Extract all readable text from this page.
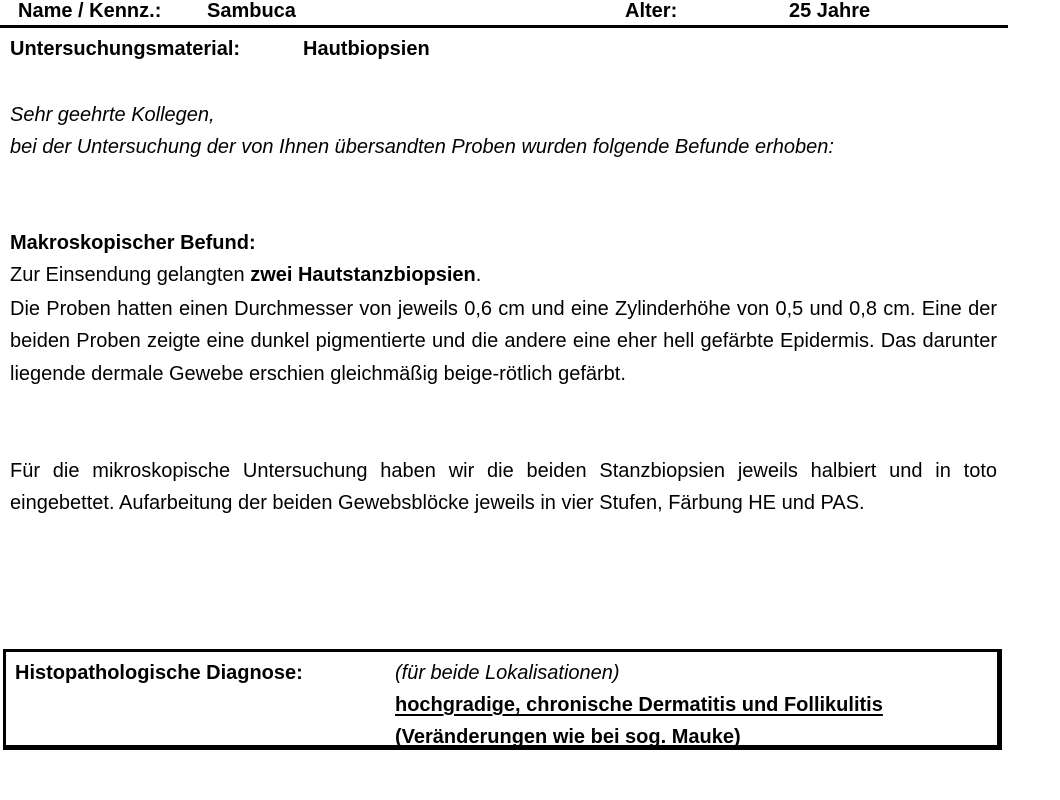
Name / Kennz.: Sambuca	Alter:	25 Jahre
Untersuchungsmaterial:	Hautbiopsien
Sehr geehrte Kollegen,
bei der Untersuchung der von Ihnen übersandten Proben wurden folgende Befunde erhoben:
Makroskopischer Befund:
Zur Einsendung gelangten zwei Hautstanzbiopsien.
Die Proben hatten einen Durchmesser von jeweils 0,6 cm und eine Zylinderhöhe von 0,5 und 0,8 cm. Eine der beiden Proben zeigte eine dunkel pigmentierte und die andere eine eher hell gefärbte Epidermis. Das darunter liegende dermale Gewebe erschien gleichmäßig beige-rötlich gefärbt.
Für die mikroskopische Untersuchung haben wir die beiden Stanzbiopsien jeweils halbiert und in toto eingebettet. Aufarbeitung der beiden Gewebsblöcke jeweils in vier Stufen, Färbung HE und PAS.
Histopathologische Diagnose:	(für beide Lokalisationen)
hochgradige, chronische Dermatitis und Follikulitis
(Veränderungen wie bei sog. Mauke)
